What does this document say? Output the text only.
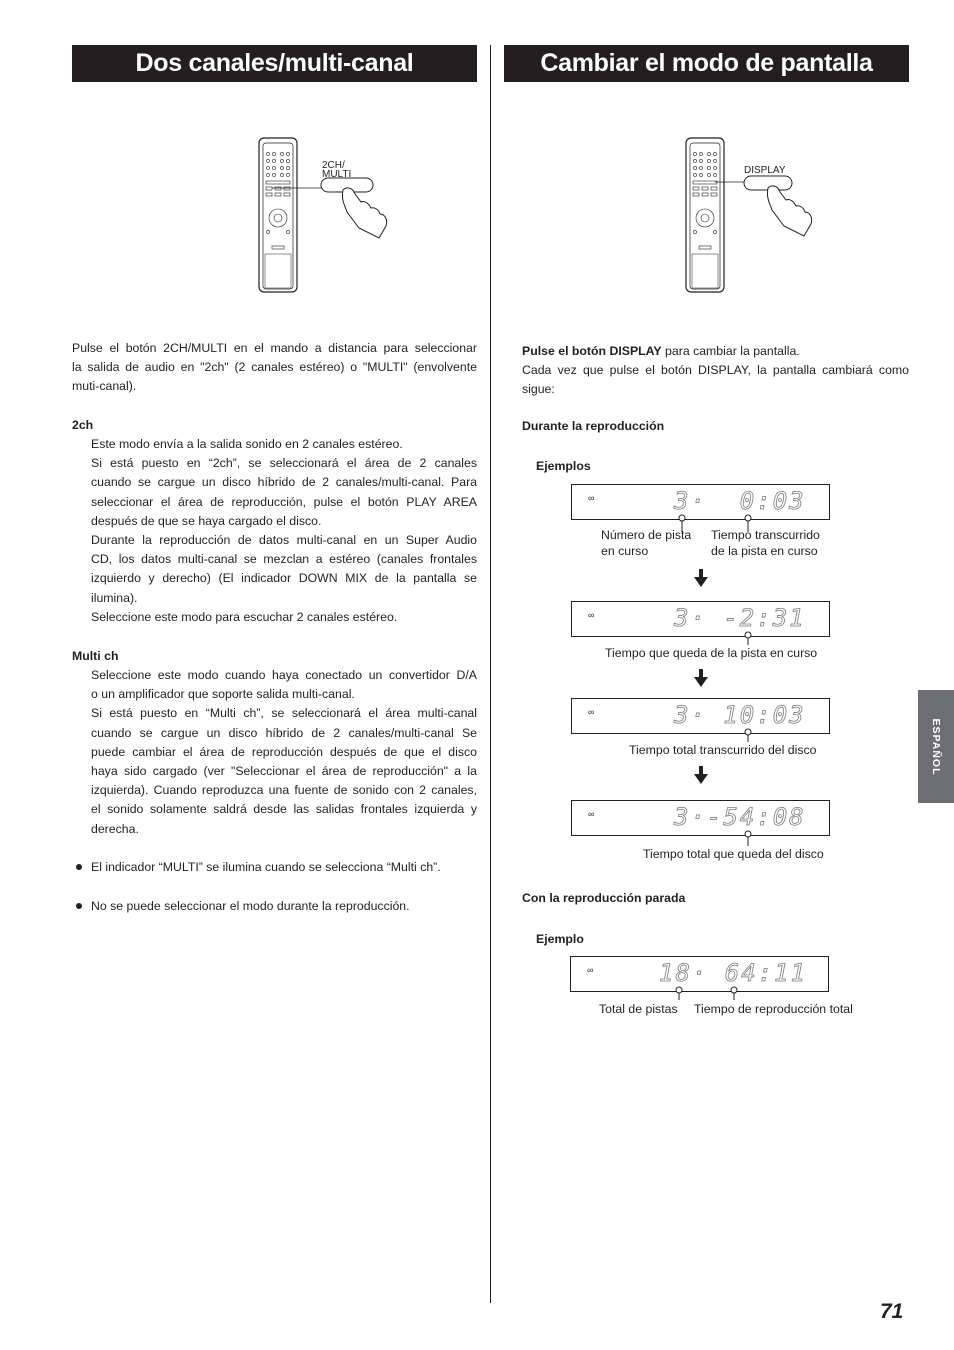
Dos canales/multi-canal	Cambiar el modo de pantalla
2CH/
MULTI	DISPLAY
Pulse el botón 2CH/MULTI en el mando a distancia para seleccionar
la salida de audio en "2ch" (2 canales estéreo) o "MULTI" (envolvente
muti-canal).
2ch
Este modo envía a la salida sonido en 2 canales estéreo.
Si está puesto en “2ch”, se seleccionará el área de 2 canales
cuando se cargue un disco híbrido de 2 canales/multi-canal. Para
seleccionar el área de reproducción, pulse el botón PLAY AREA
después de que se haya cargado el disco.
Durante la reproducción de datos multi-canal en un Super Audio
CD, los datos multi-canal se mezclan a estéreo (canales frontales
izquierdo y derecho) (El indicador DOWN MIX de la pantalla se
ilumina).
Seleccione este modo para escuchar 2 canales estéreo.
Multi ch
Seleccione este modo cuando haya conectado un convertidor D/A
o un amplificador que soporte salida multi-canal.
Si está puesto en “Multi ch”, se seleccionará el área multi-canal
cuando se cargue un disco híbrido de 2 canales/multi-canal Se
puede cambiar el área de reproducción después de que el disco
haya sido cargado (ver "Seleccionar el área de reproducción" a la
izquierda). Cuando reproduzca una fuente de sonido con 2 canales,
el sonido solamente saldrá desde las salidas frontales izquierda y
derecha.
El indicador “MULTI” se ilumina cuando se selecciona “Multi ch”.
No se puede seleccionar el modo durante la reproducción.
Pulse el botón DISPLAY para cambiar la pantalla.
Cada vez que pulse el botón DISPLAY, la pantalla cambiará como
sigue:
Durante la reproducción
Ejemplos
∞	3·  0:03
Número de pista
en curso
Tiempo transcurrido
de la pista en curso
∞	3· -2:31
Tiempo que queda de la pista en curso
∞	3· 10:03
Tiempo total transcurrido del disco
∞	3·-54:08
Tiempo total que queda del disco
Con la reproducción parada
Ejemplo
∞	18· 64:11
Total de pistas Tiempo de reproducción total
ESPAÑOL
71
